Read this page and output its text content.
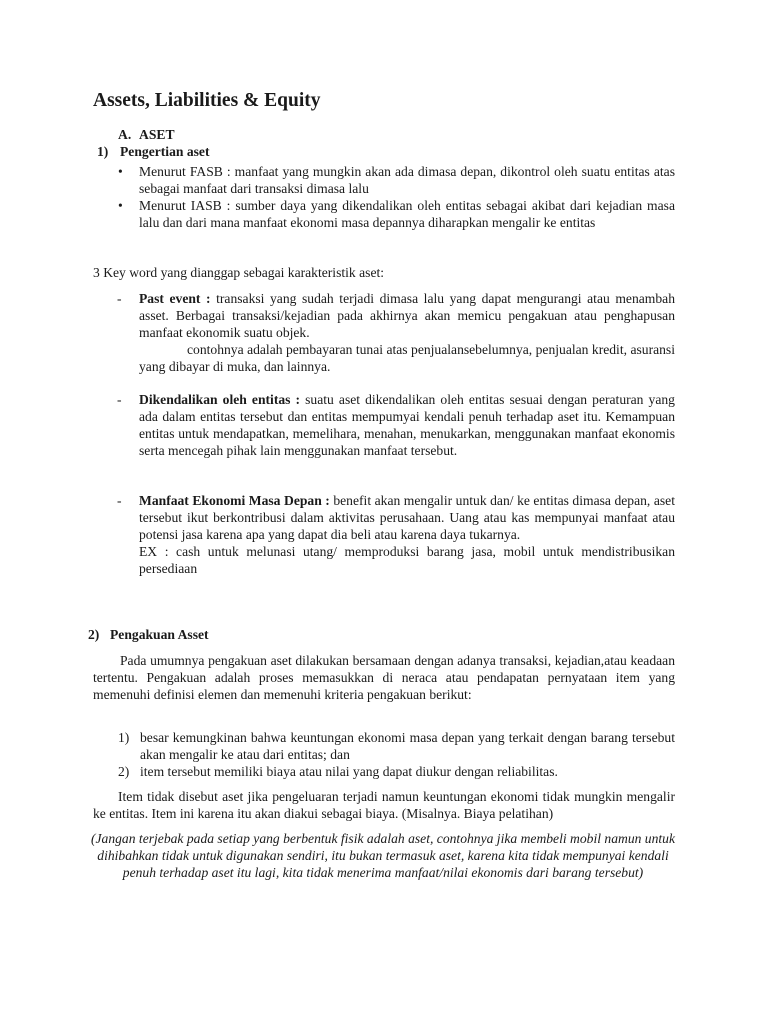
Assets, Liabilities & Equity
A. ASET
1) Pengertian aset
•	Menurut FASB : manfaat yang mungkin akan ada dimasa depan, dikontrol oleh suatu entitas atas sebagai manfaat dari transaksi dimasa lalu
•	Menurut IASB : sumber daya yang dikendalikan oleh entitas sebagai akibat dari kejadian masa lalu dan dari mana manfaat ekonomi masa depannya diharapkan mengalir ke entitas
3 Key word yang dianggap sebagai karakteristik aset:
- Past event : transaksi yang sudah terjadi dimasa lalu yang dapat mengurangi atau menambah asset. Berbagai transaksi/kejadian pada akhirnya akan memicu pengakuan atau penghapusan manfaat ekonomik suatu objek.
contohnya adalah pembayaran tunai atas penjualansebelumnya, penjualan kredit, asuransi yang dibayar di muka, dan lainnya.
- Dikendalikan oleh entitas : suatu aset dikendalikan oleh entitas sesuai dengan peraturan yang ada dalam entitas tersebut dan entitas mempumyai kendali penuh terhadap aset itu. Kemampuan entitas untuk mendapatkan, memelihara, menahan, menukarkan, menggunakan manfaat ekonomis serta mencegah pihak lain menggunakan manfaat tersebut.
- Manfaat Ekonomi Masa Depan : benefit akan mengalir untuk dan/ ke entitas dimasa depan, aset tersebut ikut berkontribusi dalam aktivitas perusahaan. Uang atau kas mempunyai manfaat atau potensi jasa karena apa yang dapat dia beli atau karena daya tukarnya.
EX : cash untuk melunasi utang/ memproduksi barang jasa, mobil untuk mendistribusikan persediaan
2) Pengakuan Asset

Pada umumnya pengakuan aset dilakukan bersamaan dengan adanya transaksi, kejadian,atau keadaan tertentu. Pengakuan adalah proses memasukkan di neraca atau pendapatan pernyataan item yang memenuhi definisi elemen dan memenuhi kriteria pengakuan berikut:

1) besar kemungkinan bahwa keuntungan ekonomi masa depan yang terkait dengan barang tersebut akan mengalir ke atau dari entitas; dan
2) item tersebut memiliki biaya atau nilai yang dapat diukur dengan reliabilitas.

Item tidak disebut aset jika pengeluaran terjadi namun keuntungan ekonomi tidak mungkin mengalir ke entitas. Item ini karena itu akan diakui sebagai biaya. (Misalnya. Biaya pelatihan)

(Jangan terjebak pada setiap yang berbentuk fisik adalah aset, contohnya jika membeli mobil namun untuk dihibahkan tidak untuk digunakan sendiri, itu bukan termasuk aset, karena kita tidak mempunyai kendali penuh terhadap aset itu lagi, kita tidak menerima manfaat/nilai ekonomis dari barang tersebut)
